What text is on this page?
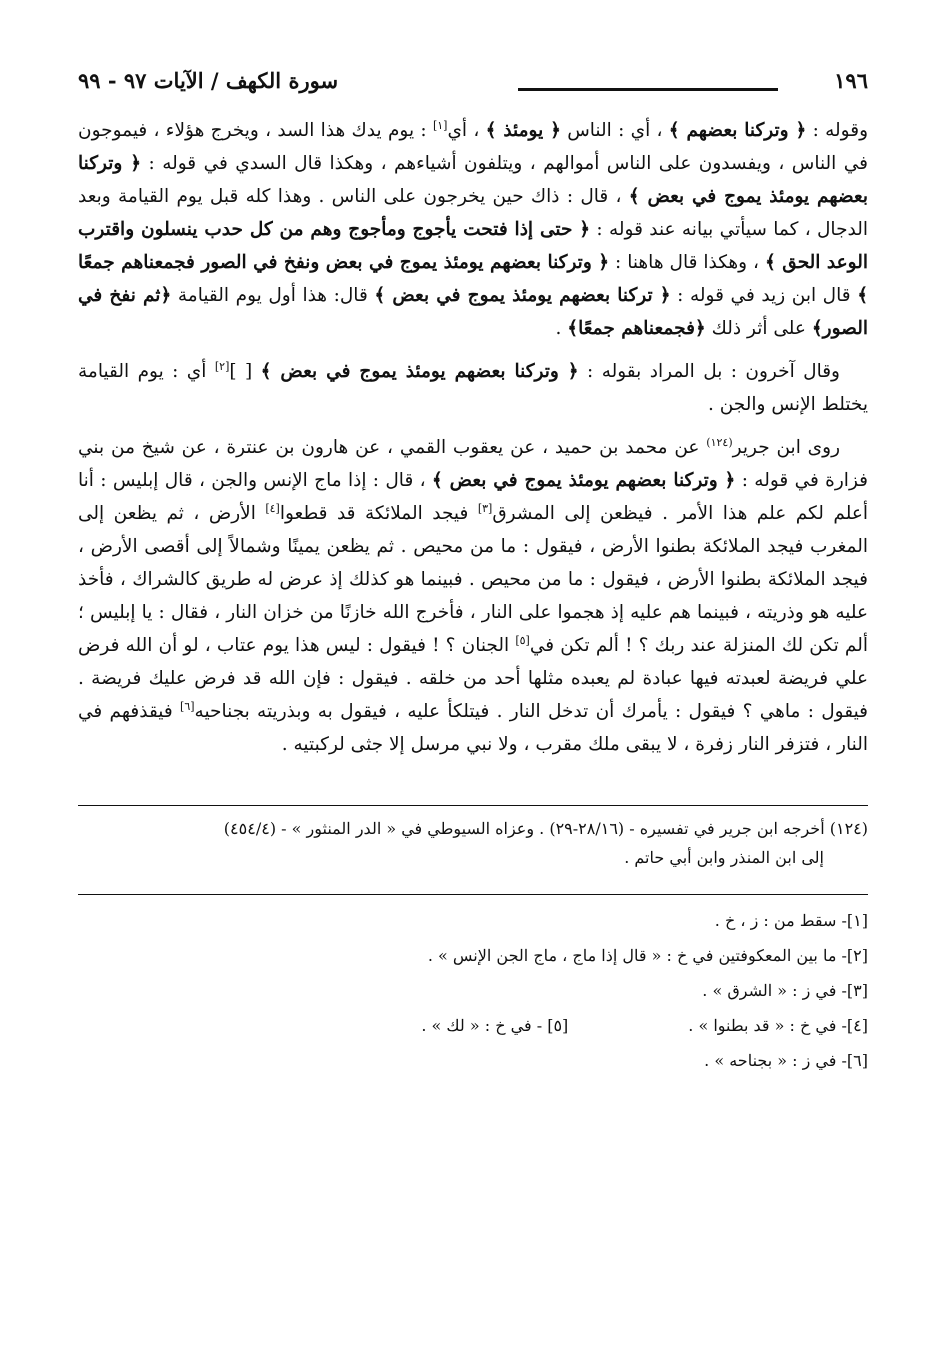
١٩٦
سورة الكهف / الآيات ٩٧ - ٩٩

وقوله : ﴿ وتركنا بعضهم ﴾ ، أي : الناس ﴿ يومئذ ﴾ ، أي[١] : يوم يدك هذا السد ، ويخرج هؤلاء ، فيموجون في الناس ، ويفسدون على الناس أموالهم ، ويتلفون أشياءهم ، وهكذا قال السدي في قوله : ﴿ وتركنا بعضهم يومئذ يموج في بعض ﴾ ، قال : ذاك حين يخرجون على الناس . وهذا كله قبل يوم القيامة وبعد الدجال ، كما سيأتي بيانه عند قوله : ﴿ حتى إذا فتحت يأجوج ومأجوج وهم من كل حدب ينسلون واقترب الوعد الحق ﴾ ، وهكذا قال هاهنا : ﴿ وتركنا بعضهم يومئذ يموج في بعض ونفخ في الصور فجمعناهم جمعًا ﴾ قال ابن زيد في قوله : ﴿ تركنا بعضهم يومئذ يموج في بعض ﴾ قال: هذا أول يوم القيامة ﴿ثم نفخ في الصور﴾ على أثر ذلك ﴿فجمعناهم جمعًا﴾ .

وقال آخرون : بل المراد بقوله : ﴿ وتركنا بعضهم يومئذ يموج في بعض ﴾ [ ][٢] أي : يوم القيامة يختلط الإنس والجن .

روى ابن جرير$^{(١٢٤)}$ عن محمد بن حميد ، عن يعقوب القمي ، عن هارون بن عنترة ، عن شيخ من بني فزارة في قوله : ﴿ وتركنا بعضهم يومئذ يموج في بعض ﴾ ، قال : إذا ماج الإنس والجن ، قال إبليس : أنا أعلم لكم علم هذا الأمر . فيظعن إلى المشرق[٣] فيجد الملائكة قد قطعوا[٤] الأرض ، ثم يظعن إلى المغرب فيجد الملائكة بطنوا الأرض ، فيقول : ما من محيص . ثم يظعن يمينًا وشمالاً إلى أقصى الأرض ، فيجد الملائكة بطنوا الأرض ، فيقول : ما من محيص . فبينما هو كذلك إذ عرض له طريق كالشراك ، فأخذ عليه هو وذريته ، فبينما هم عليه إذ هجموا على النار ، فأخرج الله خازنًا من خزان النار ، فقال : يا إبليس ؛ ألم تكن لك المنزلة عند ربك ؟ ! ألم تكن في[٥] الجنان ؟ ! فيقول : ليس هذا يوم عتاب ، لو أن الله فرض علي فريضة لعبدته فيها عبادة لم يعبده مثلها أحد من خلقه . فيقول : فإن الله قد فرض عليك فريضة . فيقول : ماهي ؟ فيقول : يأمرك أن تدخل النار . فيتلكأ عليه ، فيقول به وبذريته بجناحيه[٦] فيقذفهم في النار ، فتزفر النار زفرة ، لا يبقى ملك مقرب ، ولا نبي مرسل إلا جثى لركبتيه .

(١٢٤) أخرجه ابن جرير في تفسيره - (٢٨/١٦-٢٩) . وعزاه السيوطي في « الدر المنثور » - (٤٥٤/٤)
إلى ابن المنذر وابن أبي حاتم .
[١]
- سقط من : ز ، خ .
[٢]
- ما بين المعكوفتين في خ : « قال إذا ماج ، ماج الجن الإنس » .
[٣]
- في ز : « الشرق » .
[٤]
- في خ : « قد بطنوا » .
[٥] - في خ : « لك » .
[٦]
- في ز : « بجناحه » .
